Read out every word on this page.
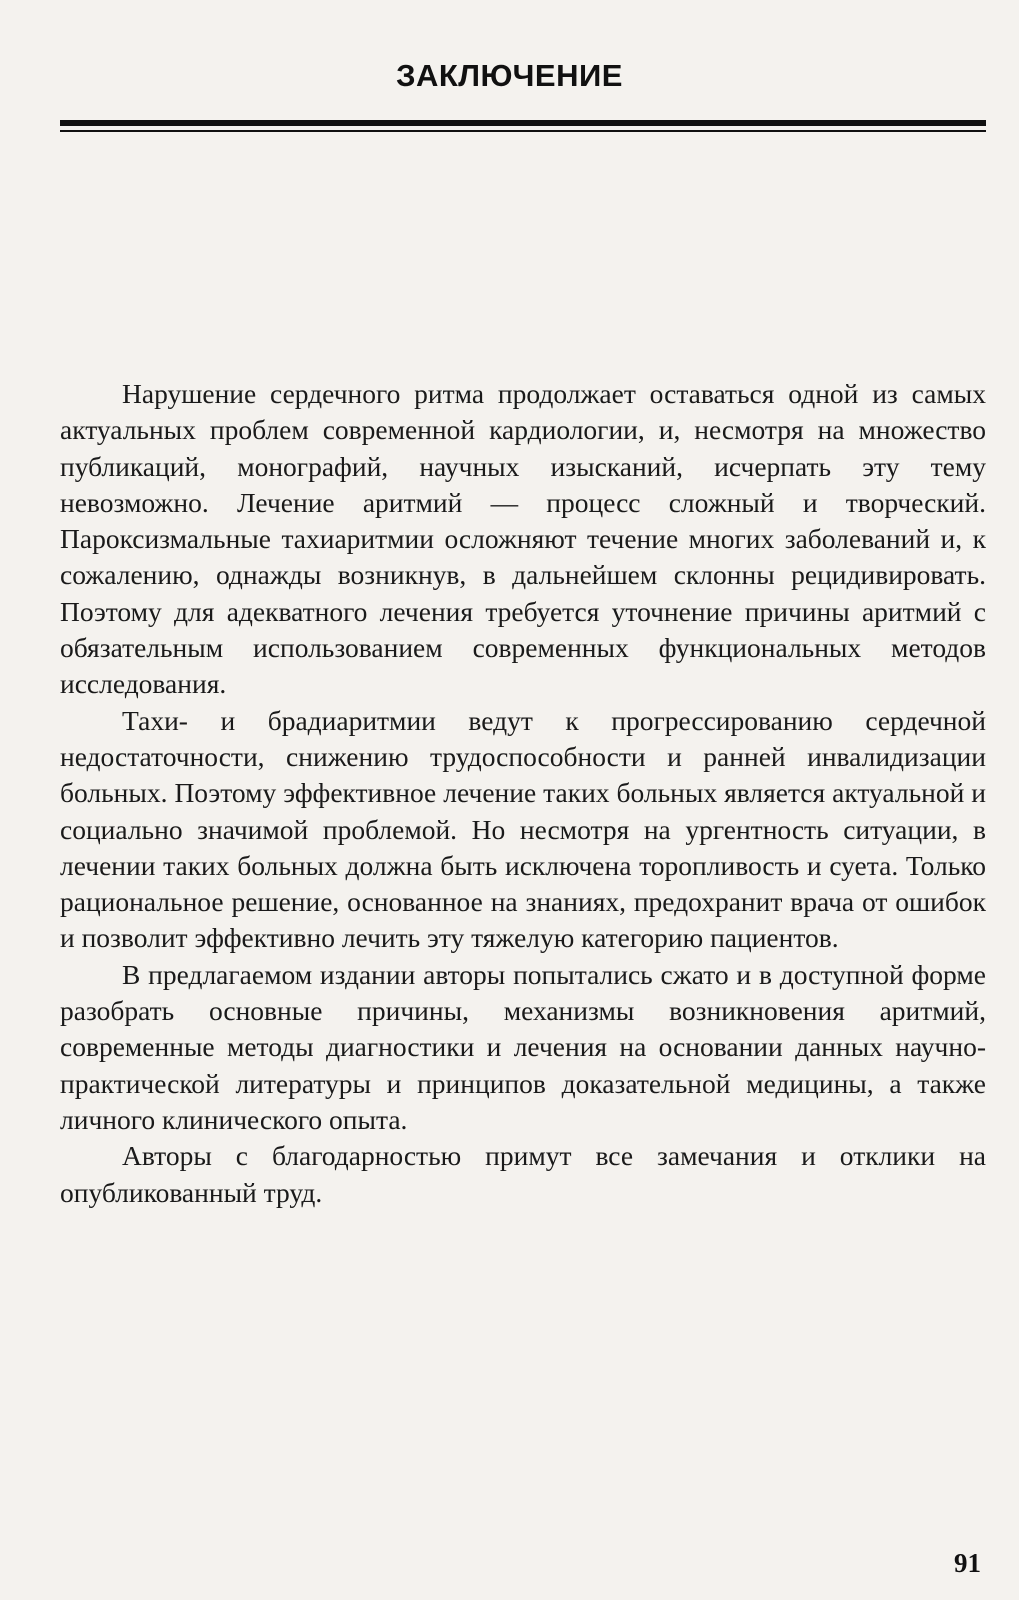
ЗАКЛЮЧЕНИЕ

Нарушение сердечного ритма продолжает оставаться одной из самых актуальных проблем современной кардиологии, и, несмотря на множество публикаций, монографий, научных изысканий, исчерпать эту тему невозможно. Лечение аритмий — процесс сложный и творческий. Пароксизмальные тахиаритмии осложняют течение многих заболеваний и, к сожалению, однажды возникнув, в дальнейшем склонны рецидивировать. Поэтому для адекватного лечения требуется уточнение причины аритмий с обязательным использованием современных функциональных методов исследования.

Тахи- и брадиаритмии ведут к прогрессированию сердечной недостаточности, снижению трудоспособности и ранней инвалидизации больных. Поэтому эффективное лечение таких больных является актуальной и социально значимой проблемой. Но несмотря на ургентность ситуации, в лечении таких больных должна быть исключена торопливость и суета. Только рациональное решение, основанное на знаниях, предохранит врача от ошибок и позволит эффективно лечить эту тяжелую категорию пациентов.

В предлагаемом издании авторы попытались сжато и в доступной форме разобрать основные причины, механизмы возникновения аритмий, современные методы диагностики и лечения на основании данных научно-практической литературы и принципов доказательной медицины, а также личного клинического опыта.

Авторы с благодарностью примут все замечания и отклики на опубликованный труд.

91
